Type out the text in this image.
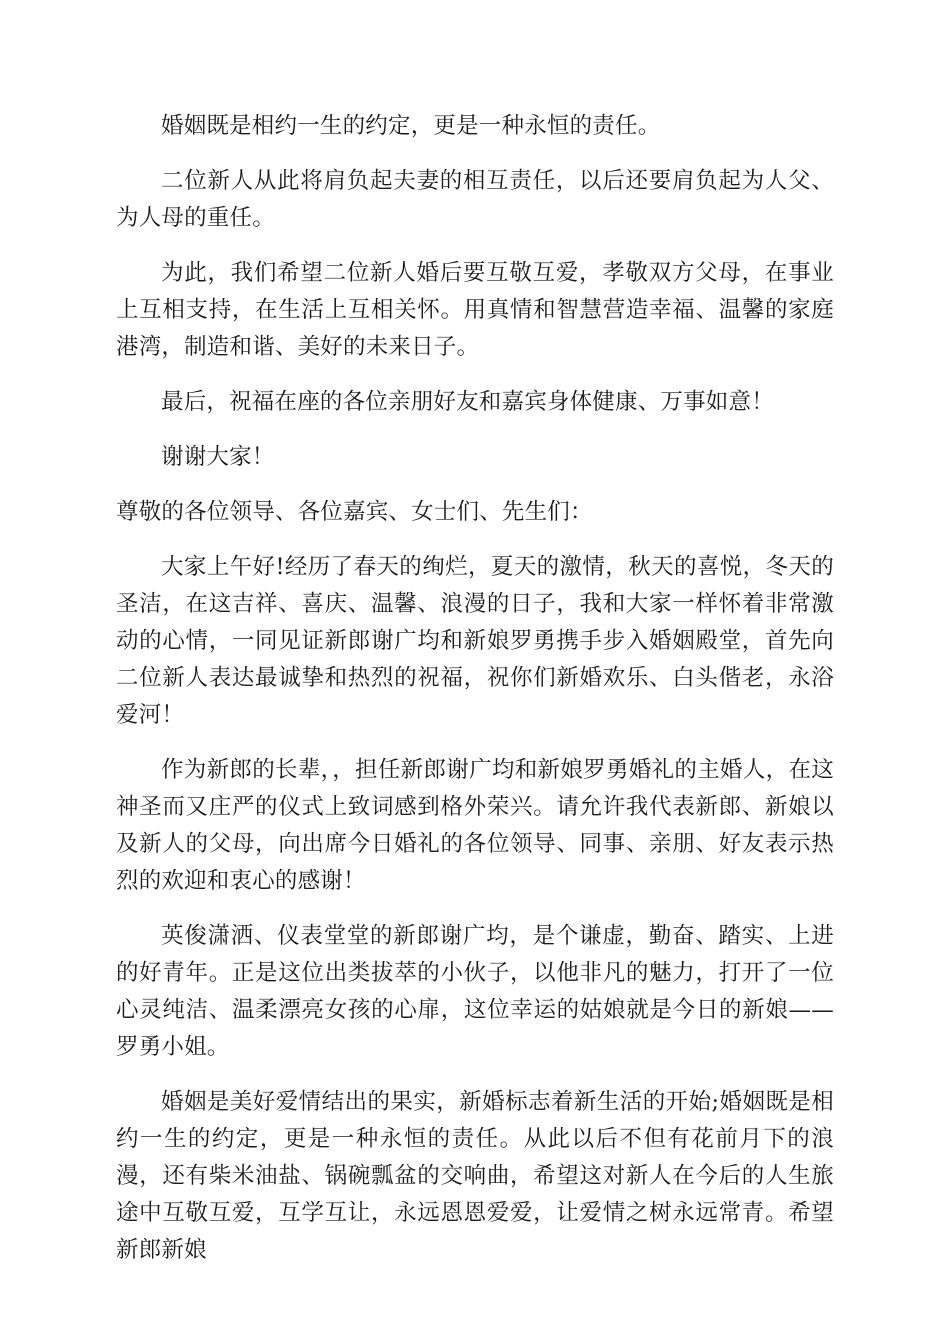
婚姻既是相约一生的约定，更是一种永恒的责任。

二位新人从此将肩负起夫妻的相互责任，以后还要肩负起为人父、为人母的重任。

为此，我们希望二位新人婚后要互敬互爱，孝敬双方父母，在事业上互相支持，在生活上互相关怀。用真情和智慧营造幸福、温馨的家庭港湾，制造和谐、美好的未来日子。

最后，祝福在座的各位亲朋好友和嘉宾身体健康、万事如意！

谢谢大家！

尊敬的各位领导、各位嘉宾、女士们、先生们：

大家上午好!经历了春天的绚烂，夏天的激情，秋天的喜悦，冬天的圣洁，在这吉祥、喜庆、温馨、浪漫的日子，我和大家一样怀着非常激动的心情，一同见证新郎谢广均和新娘罗勇携手步入婚姻殿堂，首先向二位新人表达最诚挚和热烈的祝福，祝你们新婚欢乐、白头偕老，永浴爱河！

作为新郎的长辈，，担任新郎谢广均和新娘罗勇婚礼的主婚人，在这神圣而又庄严的仪式上致词感到格外荣兴。请允许我代表新郎、新娘以及新人的父母，向出席今日婚礼的各位领导、同事、亲朋、好友表示热烈的欢迎和衷心的感谢！

英俊潇洒、仪表堂堂的新郎谢广均，是个谦虚，勤奋、踏实、上进的好青年。正是这位出类拔萃的小伙子，以他非凡的魅力，打开了一位心灵纯洁、温柔漂亮女孩的心扉，这位幸运的姑娘就是今日的新娘——罗勇小姐。

婚姻是美好爱情结出的果实，新婚标志着新生活的开始;婚姻既是相约一生的约定，更是一种永恒的责任。从此以后不但有花前月下的浪漫，还有柴米油盐、锅碗瓢盆的交响曲，希望这对新人在今后的人生旅途中互敬互爱，互学互让，永远恩恩爱爱，让爱情之树永远常青。希望新郎新娘
